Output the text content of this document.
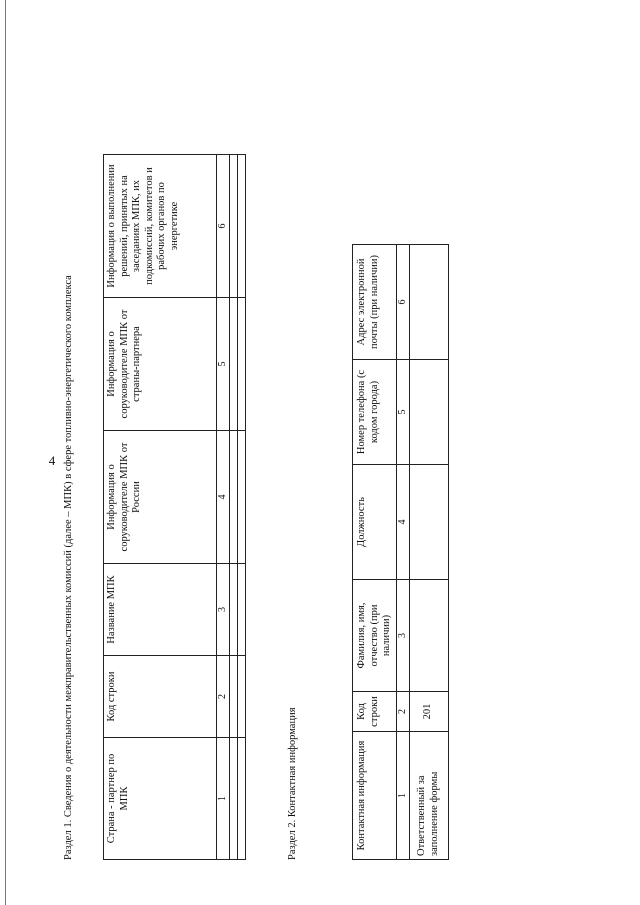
4 Раздел 1. Сведения о деятельности межправительственных комиссий (далее – МПК) в сфере топливно-энергетического комплекса	Страна - партнер по МПК	Код строки	Название МПК	Информация о соруководителе МПК от России	Информация о соруководителе МПК от страны-партнера	Информация о выполнении решений, принятых на заседаниях МПК, их подкомиссий, комитетов и рабочих органов по энергетике
1	2	3	4	5	6

Раздел 2. Контактная информация	Контактная информация	Код строки	Фамилия, имя, отчество (при наличии)	Должность	Номер телефона (с кодом города)	Адрес электронной почты (при наличии)
1	2	3	4	5	6
Ответственный за заполнение формы	201				
